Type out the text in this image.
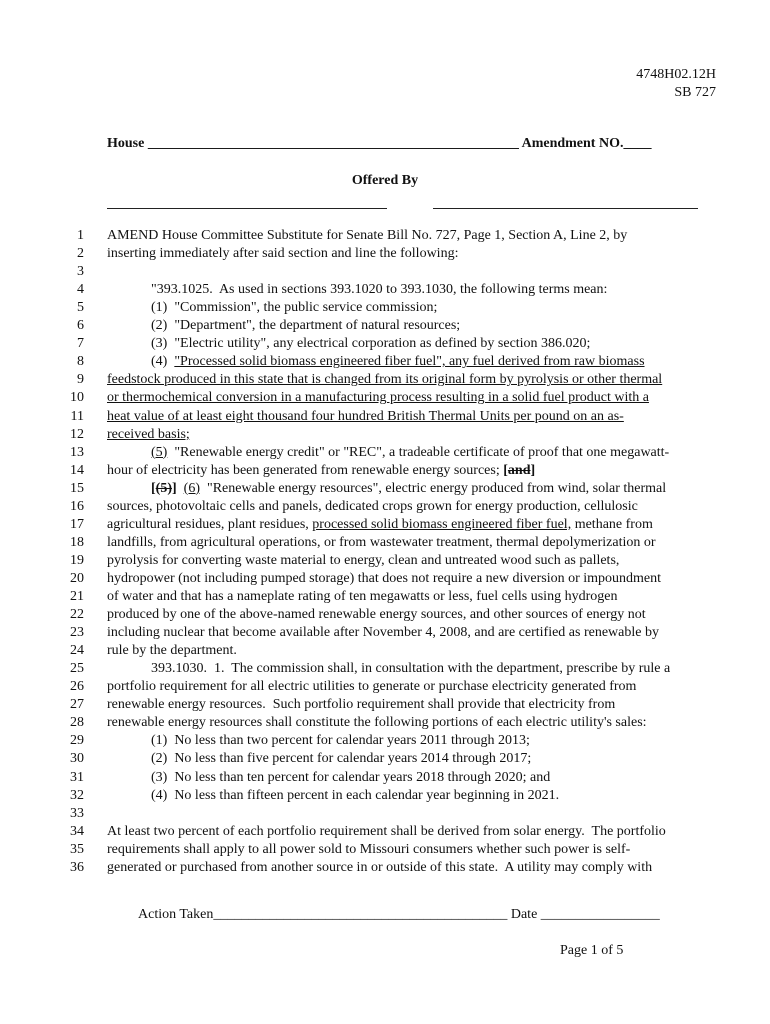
4748H02.12H
SB 727
House _____________________________________________________ Amendment NO.____
Offered By
1 AMEND House Committee Substitute for Senate Bill No. 727, Page 1, Section A, Line 2, by
2 inserting immediately after said section and line the following:
3
4	"393.1025.  As used in sections 393.1020 to 393.1030, the following terms mean:
5	(1)  "Commission", the public service commission;
6	(2)  "Department", the department of natural resources;
7	(3)  "Electric utility", any electrical corporation as defined by section 386.020;
8	(4)  "Processed solid biomass engineered fiber fuel", any fuel derived from raw biomass
9 feedstock produced in this state that is changed from its original form by pyrolysis or other thermal
10 or thermochemical conversion in a manufacturing process resulting in a solid fuel product with a
11 heat value of at least eight thousand four hundred British Thermal Units per pound on an as-
12 received basis;
13	(5)  "Renewable energy credit" or "REC", a tradeable certificate of proof that one megawatt-
14 hour of electricity has been generated from renewable energy sources; [and]
15	[(5)] (6)  "Renewable energy resources", electric energy produced from wind, solar thermal
16 sources, photovoltaic cells and panels, dedicated crops grown for energy production, cellulosic
17 agricultural residues, plant residues, processed solid biomass engineered fiber fuel, methane from
18 landfills, from agricultural operations, or from wastewater treatment, thermal depolymerization or
19 pyrolysis for converting waste material to energy, clean and untreated wood such as pallets,
20 hydropower (not including pumped storage) that does not require a new diversion or impoundment
21 of water and that has a nameplate rating of ten megawatts or less, fuel cells using hydrogen
22 produced by one of the above-named renewable energy sources, and other sources of energy not
23 including nuclear that become available after November 4, 2008, and are certified as renewable by
24 rule by the department.
25	393.1030.  1.  The commission shall, in consultation with the department, prescribe by rule a
26 portfolio requirement for all electric utilities to generate or purchase electricity generated from
27 renewable energy resources.  Such portfolio requirement shall provide that electricity from
28 renewable energy resources shall constitute the following portions of each electric utility's sales:
29	(1)  No less than two percent for calendar years 2011 through 2013;
30	(2)  No less than five percent for calendar years 2014 through 2017;
31	(3)  No less than ten percent for calendar years 2018 through 2020; and
32	(4)  No less than fifteen percent in each calendar year beginning in 2021.
33
34 At least two percent of each portfolio requirement shall be derived from solar energy.  The portfolio
35 requirements shall apply to all power sold to Missouri consumers whether such power is self-
36 generated or purchased from another source in or outside of this state.  A utility may comply with
Action Taken__________________________________________ Date _________________
Page 1 of 5
